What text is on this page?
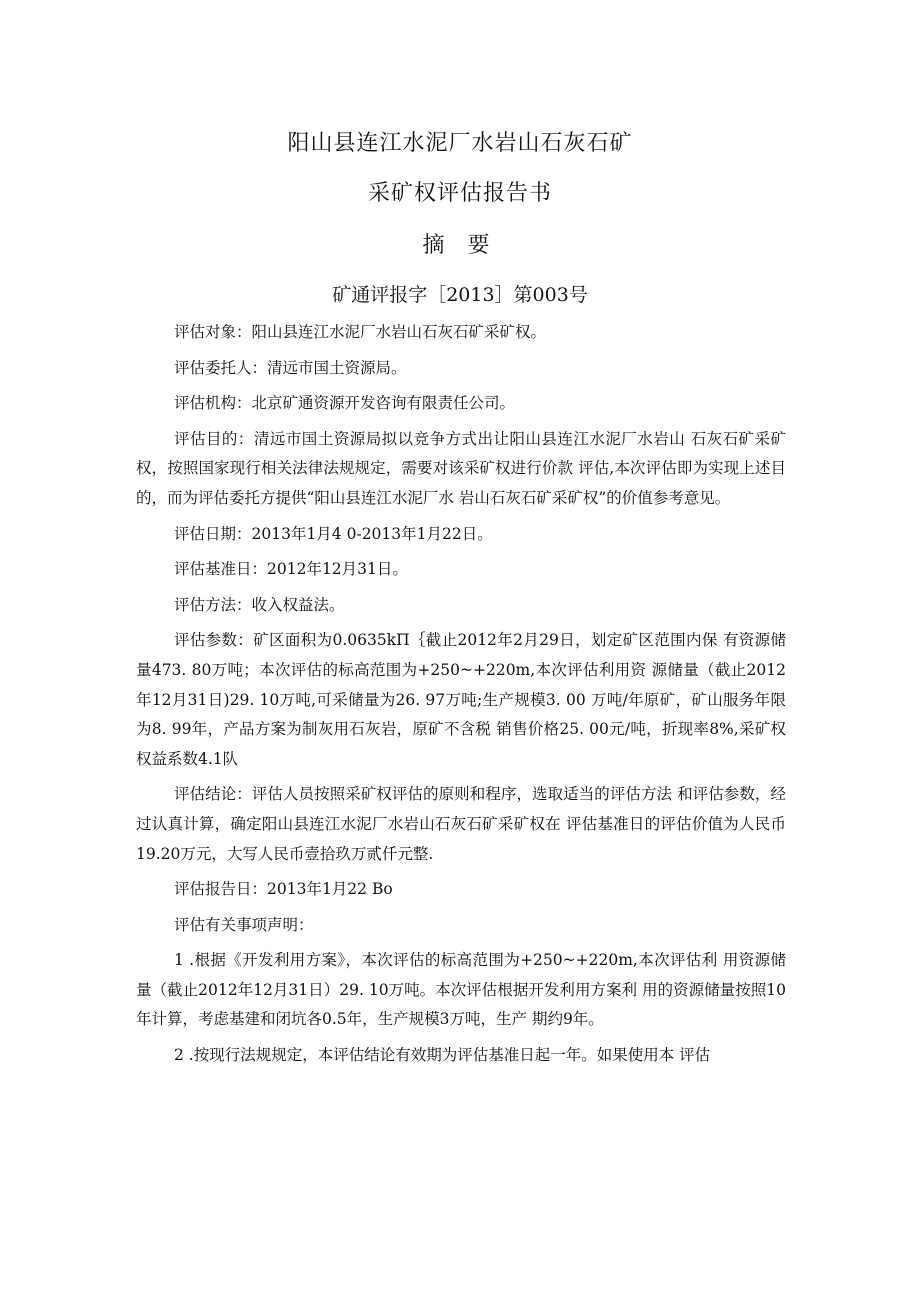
阳山县连江水泥厂水岩山石灰石矿
采矿权评估报告书
摘 要

矿通评报字［2013］第003号

评估对象：阳山县连江水泥厂水岩山石灰石矿采矿权。

评估委托人：清远市国土资源局。

评估机构：北京矿通资源开发咨询有限责任公司。

评估目的：清远市国土资源局拟以竞争方式出让阳山县连江水泥厂水岩山 石灰石矿采矿权，按照国家现行相关法律法规规定，需要对该采矿权进行价款 评估,本次评估即为实现上述目的，而为评估委托方提供“阳山县连江水泥厂水 岩山石灰石矿采矿权”的价值参考意见。

评估日期：2013年1月4 0-2013年1月22日。

评估基准日：2012年12月31日。

评估方法：收入权益法。

评估参数：矿区面积为0.0635kΠ｛截止2012年2月29日，划定矿区范围内保 有资源储量473. 80万吨；本次评估的标高范围为+250~+220m,本次评估利用资 源储量（截止2012年12月31日)29. 10万吨,可采储量为26. 97万吨;生产规模3. 00 万吨/年原矿，矿山服务年限为8. 99年，产品方案为制灰用石灰岩，原矿不含税 销售价格25. 00元/吨，折现率8%,采矿权权益系数4.1队

评估结论：评估人员按照采矿权评估的原则和程序，选取适当的评估方法 和评估参数，经过认真计算，确定阳山县连江水泥厂水岩山石灰石矿采矿权在 评估基准日的评估价值为人民币19.20万元，大写人民币壹拾玖万贰仟元整.

评估报告日：2013年1月22 Bo

评估有关事项声明：

1 .根据《开发利用方案》，本次评估的标高范围为+250~+220m,本次评估利 用资源储量（截止2012年12月31日）29. 10万吨。本次评估根据开发利用方案利 用的资源储量按照10年计算，考虑基建和闭坑各0.5年，生产规模3万吨，生产 期约9年。

2 .按现行法规规定，本评估结论有效期为评估基准日起一年。如果使用本 评估
